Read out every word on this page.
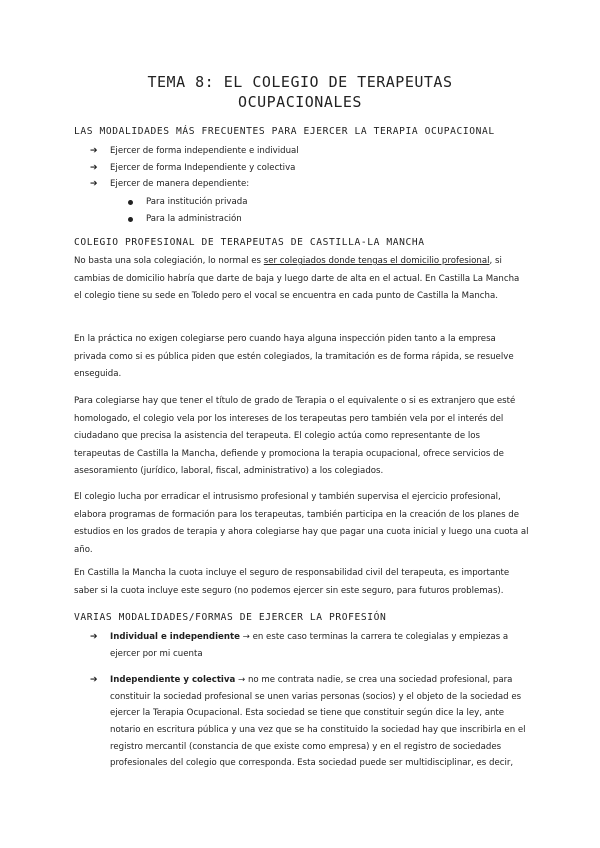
TEMA 8: EL COLEGIO DE TERAPEUTAS
OCUPACIONALES
LAS MODALIDADES MÁS FRECUENTES PARA EJERCER LA TERAPIA OCUPACIONAL
➔ Ejercer de forma independiente e individual
➔ Ejercer de forma Independiente y colectiva
➔ Ejercer de manera dependiente:
Para institución privada
Para la administración
COLEGIO PROFESIONAL DE TERAPEUTAS DE CASTILLA-LA MANCHA

No basta una sola colegiación, lo normal es ser colegiados donde tengas el domicilio profesional, si cambias de domicilio habría que darte de baja y luego darte de alta en el actual. En Castilla La Mancha el colegio tiene su sede en Toledo pero el vocal se encuentra en cada punto de Castilla la Mancha.

En la práctica no exigen colegiarse pero cuando haya alguna inspección piden tanto a la empresa privada como si es pública piden que estén colegiados, la tramitación es de forma rápida, se resuelve enseguida.

Para colegiarse hay que tener el título de grado de Terapia o el equivalente o si es extranjero que esté homologado, el colegio vela por los intereses de los terapeutas pero también vela por el interés del ciudadano que precisa la asistencia del terapeuta. El colegio actúa como representante de los terapeutas de Castilla la Mancha, defiende y promociona la terapia ocupacional, ofrece servicios de asesoramiento (jurídico, laboral, fiscal, administrativo) a los colegiados.

El colegio lucha por erradicar el intrusismo profesional y también supervisa el ejercicio profesional, elabora programas de formación para los terapeutas, también participa en la creación de los planes de estudios en los grados de terapia y ahora colegiarse hay que pagar una cuota inicial y luego una cuota al año.

En Castilla la Mancha la cuota incluye el seguro de responsabilidad civil del terapeuta, es importante saber si la cuota incluye este seguro (no podemos ejercer sin este seguro, para futuros problemas).

VARIAS MODALIDADES/FORMAS DE EJERCER LA PROFESIÓN
➔ Individual e independiente → en este caso terminas la carrera te colegialas y empiezas a ejercer por mi cuenta
➔ Independiente y colectiva → no me contrata nadie, se crea una sociedad profesional, para constituir la sociedad profesional se unen varias personas (socios) y el objeto de la sociedad es ejercer la Terapia Ocupacional. Esta sociedad se tiene que constituir según dice la ley, ante notario en escritura pública y una vez que se ha constituido la sociedad hay que inscribirla en el registro mercantil (constancia de que existe como empresa) y en el registro de sociedades profesionales del colegio que corresponda. Esta sociedad puede ser multidisciplinar, es decir,
